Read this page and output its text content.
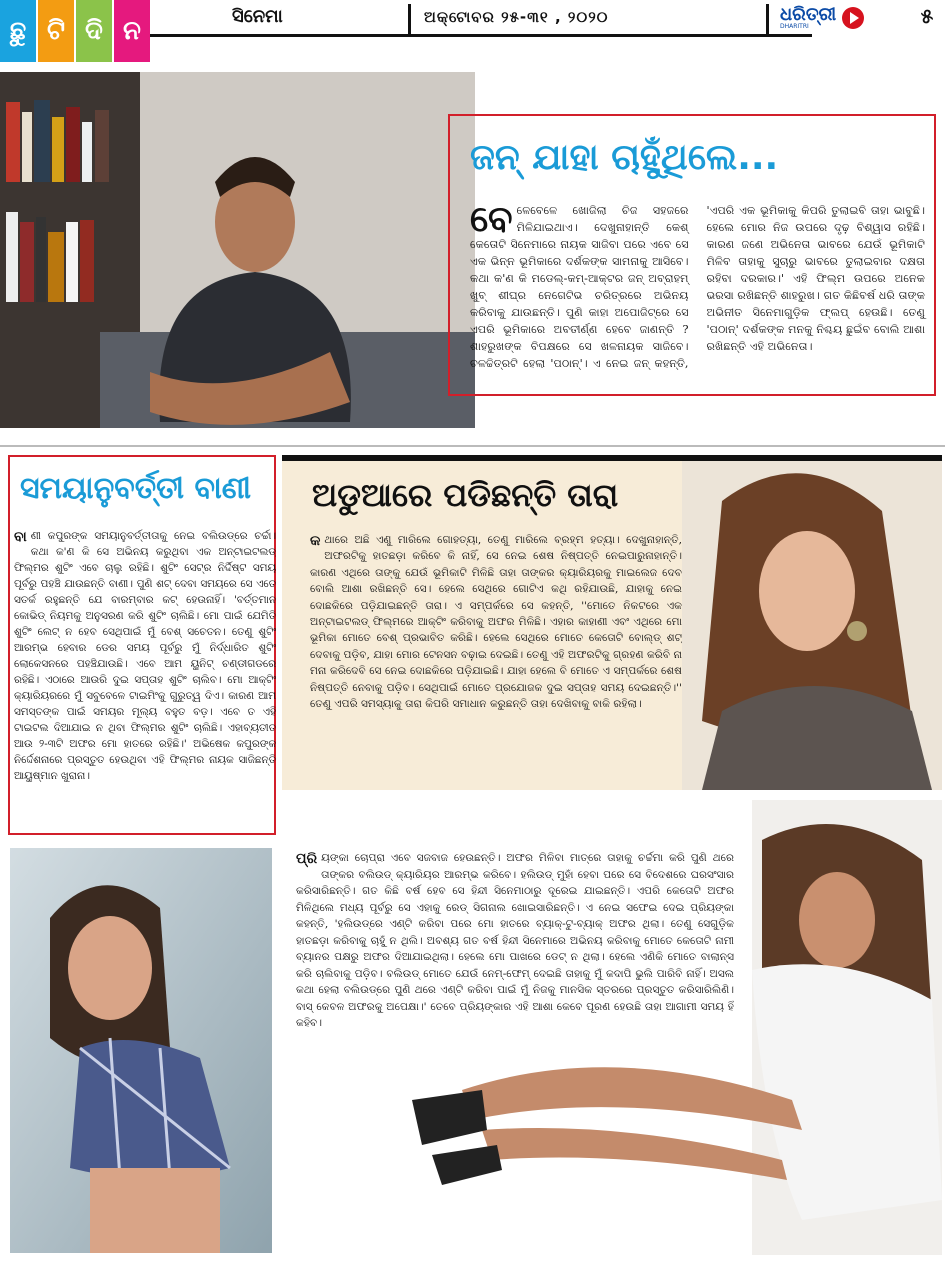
ଛୁ ଟି ଦି ନ	ସିନେମା	ଅକ୍ଟୋବର ୨୫-୩୧ , ୨୦୨୦	ଧରିତ୍ରୀ
DHARITRI	୫
ଜନ୍ ଯାହା ଚାହୁଁଥିଲେ...
ବେଳେବେଳେ ଖୋଜିଲା ଚିଜ ସହଜରେ ମିଳିଯାଇଥାଏ। ଦେଖୁନାହାନ୍ତି କେଶ୍ କେତୋଟି ସିନେମାରେ ନାୟକ ସାଜିବା ପରେ ଏବେ ସେ ଏକ ଭିନ୍ନ ଭୂମିକାରେ ଦର୍ଶକଙ୍କ ସାମନାକୁ ଆସିବେ। କଥା କ'ଣ କି ମଡେଲ୍-କମ୍-ଆକ୍ଟର ଜନ୍ ଅବ୍ରାହମ୍ ଖୁବ୍ ଶୀଘ୍ର ନେଗେଟିଭ ଚରିତ୍ରରେ ଅଭିନୟ କରିବାକୁ ଯାଉଛନ୍ତି। ପୁଣି କାହା ଅପୋଜିଟ୍‌ରେ ସେ ଏପରି ଭୂମିକାରେ ଅବତୀର୍ଣ୍ଣ ହେବେ ଜାଣନ୍ତି ? ଶାହରୁଖଙ୍କ ବିପକ୍ଷରେ ସେ ଖଳନାୟକ ସାଜିବେ। ଚଳଚ୍ଚିତ୍ରଟି ହେଲା 'ପଠାନ୍'। ଏ ନେଇ ଜନ୍ କହନ୍ତି, 'ଏପରି ଏକ ଭୂମିକାକୁ କିପରି ତୁଲାଇବି ତାହା ଭାବୁଛି। ହେଲେ ମୋର ନିଜ ଉପରେ ଦୃଢ଼ ବିଶ୍ୱାସ ରହିଛି। କାରଣ ଜଣେ ଅଭିନେତା ଭାବରେ ଯେଉଁ ଭୂମିକାଟି ମିଳିବ ତାହାକୁ ସୁଚାରୁ ଭାବରେ ତୁଲାଇବାର ଦକ୍ଷତା ରହିବା ଦରକାର।' ଏହି ଫିଲ୍ମ ଉପରେ ଅନେକ ଭରସା ରଖିଛନ୍ତି ଶାହରୁଖ। ଗତ କିଛିବର୍ଷ ଧରି ତାଙ୍କ ଅଭିନୀତ ସିନେମାଗୁଡ଼ିକ ଫ୍ଲପ୍ ହେଉଛି। ତେଣୁ 'ପଠାନ୍' ଦର୍ଶକଙ୍କ ମନକୁ ନିଶ୍ଚୟ ଛୁଇଁବ ବୋଲି ଆଶା ରଖିଛନ୍ତି ଏହି ଅଭିନେତା।
ସମୟାନୁବର୍ତ୍ତୀ ବାଣୀ
ବା ଣୀ କପୁରଙ୍କ ସମୟାନୁବର୍ତ୍ତୀତାକୁ ନେଇ ବଲିଉଡ୍‌ରେ ଚର୍ଚ୍ଚା। କଥା କ'ଣ କି ସେ ଅଭିନୟ କରୁଥିବା ଏକ ଅନ୍‌ଟାଇଟଲଡ୍ ଫିଲ୍ମର ଶୁଟିଂ ଏବେ ଚାଲୁ ରହିଛି। ଶୁଟିଂ ସେଟ୍‌ର ନିର୍ଦ୍ଦିଷ୍ଟ ସମୟ ପୂର୍ବରୁ ପହଞ୍ଚି ଯାଉଛନ୍ତି ବାଣୀ। ପୁଣି ଶଟ୍ ଦେବା ସମୟରେ ସେ ଏତେ ସତର୍କ ରହୁଛନ୍ତି ଯେ ବାରମ୍ବାର କଟ୍ ହେଉନାହିଁ। 'ବର୍ତ୍ତମାନ କୋଭିଡ୍ ନିୟମକୁ ଅନୁସରଣ କରି ଶୁଟିଂ ଚାଲିଛି। ମୋ ପାଇଁ ଯେମିତି ଶୁଟିଂ ଲେଟ୍ ନ ହେବ ସେଥିପାଇଁ ମୁଁ ବେଶ୍ ସଚେତନ। ତେଣୁ ଶୁଟିଂ ଆରମ୍ଭ ହେବାର ଡେର ସମୟ ପୂର୍ବରୁ ମୁଁ ନିର୍ଦ୍ଧାରିତ ଶୁଟିଂ ଲୋକେସନରେ ପହଞ୍ଚିଯାଉଛି। ଏବେ ଆମ ୟୁନିଟ୍ ଚଣ୍ଡୀଗଡରେ ରହିଛି। ଏଠାରେ ଆଉରି ଦୁଇ ସପ୍ତାହ ଶୁଟିଂ ଚାଲିବ। ମୋ ଆକ୍ଟିଂ କ୍ୟାରିୟରରେ ମୁଁ ସବୁବେଳେ ଟାଇମିଂକୁ ଗୁରୁତ୍ୱ ଦିଏ। କାରଣ ଆମ ସମସ୍ତଙ୍କ ପାଇଁ ସମୟର ମୂଲ୍ୟ ବହୁତ ବଡ଼। ଏବେ ତ ଏହି ଟାଇଟଲ ଦିଆଯାଇ ନ ଥିବା ଫିଲ୍ମର ଶୁଟିଂ ଚାଲିଛି। ଏହାବ୍ୟତୀତ ଆଉ ୨-୩ଟି ଅଫର ମୋ ହାତରେ ରହିଛି।' ଅଭିଷେକ କପୁରଙ୍କ ନିର୍ଦ୍ଦେଶନାରେ ପ୍ରସ୍ତୁତ ହେଉଥିବା ଏହି ଫିଲ୍ମର ନାୟକ ସାଜିଛନ୍ତି ଆୟୁଷ୍ମାନ ଖୁରାନା।
ଅଡୁଆରେ ପଡିଛନ୍ତି ତାରା
କ ଥାରେ ଅଛି ଏଣୁ ମାରିଲେ ଗୋହତ୍ୟା, ତେଣୁ ମାରିଲେ ବ୍ରହ୍ମ ହତ୍ୟା। ଦେଖୁନାହାନ୍ତି, ଅଫରଟିକୁ ହାତଛଡ଼ା କରିବେ କି ନାହିଁ, ସେ ନେଇ ଶେଷ ନିଷ୍ପତ୍ତି ନେଇପାରୁନାହାନ୍ତି। କାରଣ ଏଥିରେ ତାଙ୍କୁ ଯେଉଁ ଭୂମିକାଟି ମିଳିଛି ତାହା ତାଙ୍କର କ୍ୟାରିୟରକୁ ମାଇଲେଜ ଦେବ ବୋଲି ଆଶା ରଖିଛନ୍ତି ସେ। ହେଲେ ସେଥିରେ ଗୋଟିଏ କଥି ରହିଯାଉଛି, ଯାହାକୁ ନେଇ ଦୋଛକିରେ ପଡ଼ିଯାଇଛନ୍ତି ତାରା। ଏ ସମ୍ପର୍କରେ ସେ କହନ୍ତି, ''ମୋତେ ନିକଟରେ ଏକ ଅନ୍‌ଟାଇଟଲଡ୍ ଫିଲ୍ମରେ ଆକ୍ଟିଂ କରିବାକୁ ଅଫର ମିଳିଛି। ଏହାର କାହାଣୀ ଏବଂ ଏଥିରେ ମୋ ଭୂମିକା ମୋତେ ବେଶ୍ ପ୍ରଭାବିତ କରିଛି। ହେଲେ ସେଥିରେ ମୋତେ କେତୋଟି ବୋଲ୍ଡ୍ ଶଟ୍ ଦେବାକୁ ପଡ଼ିବ, ଯାହା ମୋର ଟେନସନ ବଢ଼ାଇ ଦେଇଛି। ତେଣୁ ଏହି ଅଫରଟିକୁ ଗ୍ରହଣ କରିବି ନା ମନା କରିଦେବି ସେ ନେଇ ଦୋଛକିରେ ପଡ଼ିଯାଇଛି। ଯାହା ହେଲେ ବି ମୋତେ ଏ ସମ୍ପର୍କରେ ଶେଷ ନିଷ୍ପତ୍ତି ନେବାକୁ ପଡ଼ିବ। ସେଥିପାଇଁ ମୋତେ ପ୍ରଯୋଜକ ଦୁଇ ସପ୍ତାହ ସମୟ ଦେଇଛନ୍ତି।'' ତେଣୁ ଏପରି ସମସ୍ୟାକୁ ତାରା କିପରି ସମାଧାନ କରୁଛନ୍ତି ତାହା ଦେଖିବାକୁ ବାକି ରହିଲା।
ପ୍ରି ୟଙ୍କା ଚୋପ୍ରା ଏବେ ସଜବାଜ ହେଉଛନ୍ତି। ଅଫର ମିଳିବା ମାତ୍ରେ ତାହାକୁ ଚର୍ଚ୍ଚମା କରି ପୁଣି ଥରେ ତାଙ୍କର ବଲିଉଡ୍ କ୍ୟାରିୟର ଆରମ୍ଭ କରିବେ। ହଲିଉଡ୍ ମୁହାଁ ହେବା ପରେ ସେ ବିଦେଶରେ ଘରସଂସାର କରିସାରିଛନ୍ତି। ଗତ କିଛି ବର୍ଷ ହେବ ସେ ହିନ୍ଦୀ ସିନେମାଠାରୁ ଦୂରେଇ ଯାଇଛନ୍ତି। ଏପରି କେତୋଟି ଅଫର ମିଳିଥିଲେ ମଧ୍ୟ ପୂର୍ବରୁ ସେ ଏହାକୁ ରେଡ୍ ସିଗନାଲ ଖୋଇସାରିଛନ୍ତି। ଏ ନେଇ ସଫେଇ ଦେଇ ପ୍ରିୟଙ୍କା କହନ୍ତି, 'ହଲିଉଡ୍‌ରେ ଏଣ୍ଟି କରିବା ପରେ ମୋ ହାତରେ ବ୍ୟାକ୍-ଟୁ-ବ୍ୟାକ୍ ଅଫର ଥିଲା। ତେଣୁ ସେଗୁଡ଼ିକ ହାତଛଡ଼ା କରିବାକୁ ଚାହୁଁ ନ ଥିଲି। ଅବଶ୍ୟ ଗତ ବର୍ଷ ହିନ୍ଦୀ ସିନେମାରେ ଅଭିନୟ କରିବାକୁ ମୋତେ କେତୋଟି ନାମୀ ବ୍ୟାନର ପକ୍ଷରୁ ଅଫର ଦିଆଯାଇଥିଲା। ହେଲେ ମୋ ପାଖରେ ଡେଟ୍ ନ ଥିଲା। ହେଲେ ଏଣିକି ମୋତେ ବାଲାନ୍ସ କରି ଚାଲିବାକୁ ପଡ଼ିବ। ବଲିଉଡ୍ ମୋତେ ଯେଉଁ ନେମ୍-ଫେମ୍ ଦେଇଛି ତାହାକୁ ମୁଁ କଦାପି ଭୁଲି ପାରିବି ନାହିଁ। ଅସଲ କଥା ହେଲା ବଲିଉଡ୍‌ରେ ପୁଣି ଥରେ ଏଣ୍ଟି କରିବା ପାଇଁ ମୁଁ ନିଜକୁ ମାନସିକ ସ୍ତରରେ ପ୍ରସ୍ତୁତ କରିସାରିଲିଣି। ବାସ୍ କେବଳ ଅଫରକୁ ଅପେକ୍ଷା।' ତେବେ ପ୍ରିୟଙ୍କାର ଏହି ଆଶା କେବେ ପୂରଣ ହେଉଛି ତାହା ଆଗାମୀ ସମୟ ହିଁ କହିବ।
